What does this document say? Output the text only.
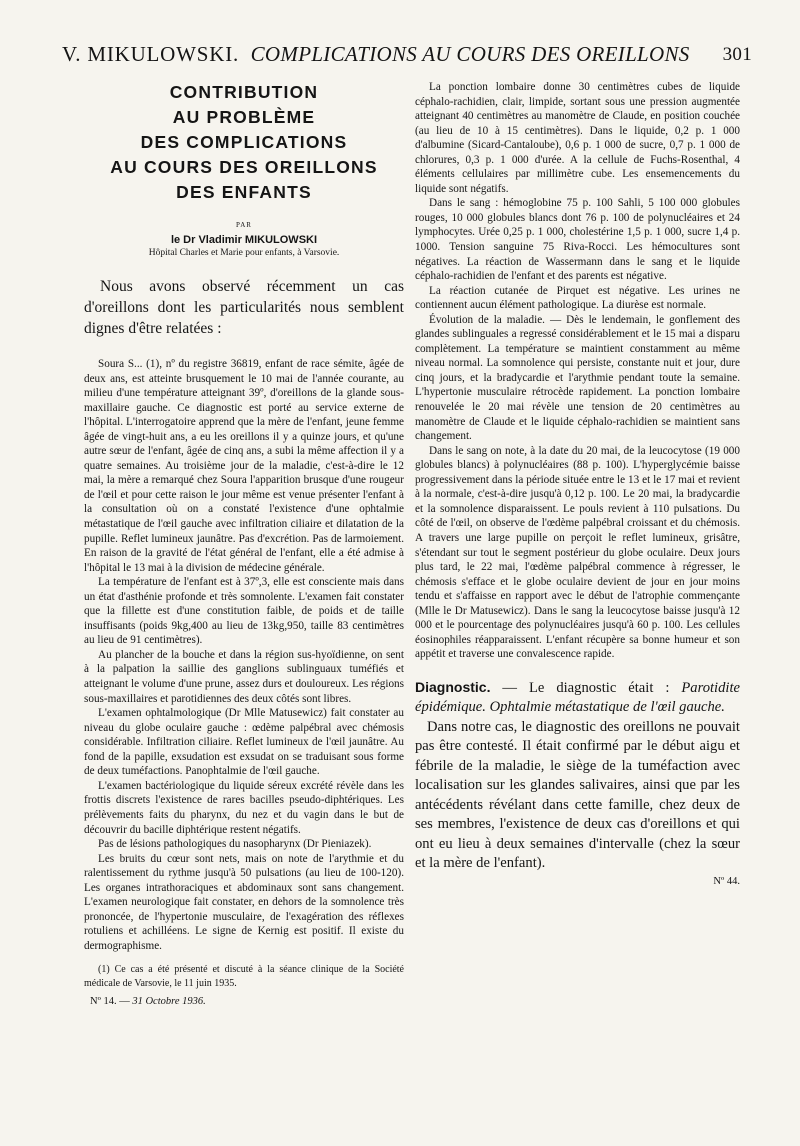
V. MIKULOWSKI. COMPLICATIONS AU COURS DES OREILLONS 301
CONTRIBUTION
AU PROBLÈME
DES COMPLICATIONS
AU COURS DES OREILLONS
DES ENFANTS
PAR
le Dr Vladimir MIKULOWSKI
Hôpital Charles et Marie pour enfants, à Varsovie.

Nous avons observé récemment un cas d'oreillons dont les particularités nous semblent dignes d'être relatées :

Soura S... (1), nº du registre 36819, enfant de race sémite, âgée de deux ans, est atteinte brusquement le 10 mai de l'année courante, au milieu d'une température atteignant 39º, d'oreillons de la glande sous-maxillaire gauche. Ce diagnostic est porté au service externe de l'hôpital. L'interrogatoire apprend que la mère de l'enfant, jeune femme âgée de vingt-huit ans, a eu les oreillons il y a quinze jours, et qu'une autre sœur de l'enfant, âgée de cinq ans, a subi la même affection il y a quatre semaines. Au troisième jour de la maladie, c'est-à-dire le 12 mai, la mère a remarqué chez Soura l'apparition brusque d'une rougeur de l'œil et pour cette raison le jour même est venue présenter l'enfant à la consultation où on a constaté l'existence d'une ophtalmie métastatique de l'œil gauche avec infiltration ciliaire et dilatation de la pupille. Reflet lumineux jaunâtre. Pas d'excrétion. Pas de larmoiement. En raison de la gravité de l'état général de l'enfant, elle a été admise à l'hôpital le 13 mai à la division de médecine générale.

La température de l'enfant est à 37º,3, elle est consciente mais dans un état d'asthénie profonde et très somnolente. L'examen fait constater que la fillette est d'une constitution faible, de poids et de taille insuffisants (poids 9kg,400 au lieu de 13kg,950, taille 83 centimètres au lieu de 91 centimètres).

Au plancher de la bouche et dans la région sus-hyoïdienne, on sent à la palpation la saillie des ganglions sublinguaux tuméfiés et atteignant le volume d'une prune, assez durs et douloureux. Les régions sous-maxillaires et parotidiennes des deux côtés sont libres.

L'examen ophtalmologique (Dr Mlle Matusewicz) fait constater au niveau du globe oculaire gauche : œdème palpébral avec chémosis considérable. Infiltration ciliaire. Reflet lumineux de l'œil jaunâtre. Au fond de la papille, exsudation est exsudat on se traduisant sous forme de deux tuméfactions. Panophtalmie de l'œil gauche.

L'examen bactériologique du liquide séreux excrété révèle dans les frottis discrets l'existence de rares bacilles pseudo-diphtériques. Les prélèvements faits du pharynx, du nez et du vagin dans le but de découvrir du bacille diphtérique restent négatifs.

Pas de lésions pathologiques du nasopharynx (Dr Pieniazek).

Les bruits du cœur sont nets, mais on note de l'arythmie et du ralentissement du rythme jusqu'à 50 pulsations (au lieu de 100-120). Les organes intrathoraciques et abdominaux sont sans changement. L'examen neurologique fait constater, en dehors de la somnolence très prononcée, de l'hypertonie musculaire, de l'exagération des réflexes rotuliens et achilléens. Le signe de Kernig est positif. Il existe du dermographisme.

(1) Ce cas a été présenté et discuté à la séance clinique de la Société médicale de Varsovie, le 11 juin 1935.
Nº 14. — 31 Octobre 1936.

La ponction lombaire donne 30 centimètres cubes de liquide céphalo-rachidien, clair, limpide, sortant sous une pression augmentée atteignant 40 centimètres au manomètre de Claude, en position couchée (au lieu de 10 à 15 centimètres). Dans le liquide, 0,2 p. 1 000 d'albumine (Sicard-Cantaloube), 0,6 p. 1 000 de sucre, 0,7 p. 1 000 de chlorures, 0,3 p. 1 000 d'urée. A la cellule de Fuchs-Rosenthal, 4 éléments cellulaires par millimètre cube. Les ensemencements du liquide sont négatifs.

Dans le sang : hémoglobine 75 p. 100 Sahli, 5 100 000 globules rouges, 10 000 globules blancs dont 76 p. 100 de polynucléaires et 24 lymphocytes. Urée 0,25 p. 1 000, cholestérine 1,5 p. 1 000, sucre 1,4 p. 1000. Tension sanguine 75 Riva-Rocci. Les hémocultures sont négatives. La réaction de Wassermann dans le sang et le liquide céphalo-rachidien de l'enfant et des parents est négative.

La réaction cutanée de Pirquet est négative. Les urines ne contiennent aucun élément pathologique. La diurèse est normale.

Évolution de la maladie. — Dès le lendemain, le gonflement des glandes sublinguales a regressé considérablement et le 15 mai a disparu complètement. La température se maintient constamment au même niveau normal. La somnolence qui persiste, constante nuit et jour, dure cinq jours, et la bradycardie et l'arythmie pendant toute la semaine. L'hypertonie musculaire rétrocède rapidement. La ponction lombaire renouvelée le 20 mai révèle une tension de 20 centimètres au manomètre de Claude et le liquide céphalo-rachidien se maintient sans changement.

Dans le sang on note, à la date du 20 mai, de la leucocytose (19 000 globules blancs) à polynucléaires (88 p. 100). L'hyperglycémie baisse progressivement dans la période située entre le 13 et le 17 mai et revient à la normale, c'est-à-dire jusqu'à 0,12 p. 100. Le 20 mai, la bradycardie et la somnolence disparaissent. Le pouls revient à 110 pulsations. Du côté de l'œil, on observe de l'œdème palpébral croissant et du chémosis. A travers une large pupille on perçoit le reflet lumineux, grisâtre, s'étendant sur tout le segment postérieur du globe oculaire. Deux jours plus tard, le 22 mai, l'œdème palpébral commence à régresser, le chémosis s'efface et le globe oculaire devient de jour en jour moins tendu et s'affaisse en rapport avec le début de l'atrophie commençante (Mlle le Dr Matusewicz). Dans le sang la leucocytose baisse jusqu'à 12 000 et le pourcentage des polynucléaires jusqu'à 60 p. 100. Les cellules éosinophiles réapparaissent. L'enfant récupère sa bonne humeur et son appétit et traverse une convalescence rapide.

Diagnostic. — Le diagnostic était : Parotidite épidémique. Ophtalmie métastatique de l'œil gauche.

Dans notre cas, le diagnostic des oreillons ne pouvait pas être contesté. Il était confirmé par le début aigu et fébrile de la maladie, le siège de la tuméfaction avec localisation sur les glandes salivaires, ainsi que par les antécédents révélant dans cette famille, chez deux de ses membres, l'existence de deux cas d'oreillons et qui ont eu lieu à deux semaines d'intervalle (chez la sœur et la mère de l'enfant).

Nº 44.
